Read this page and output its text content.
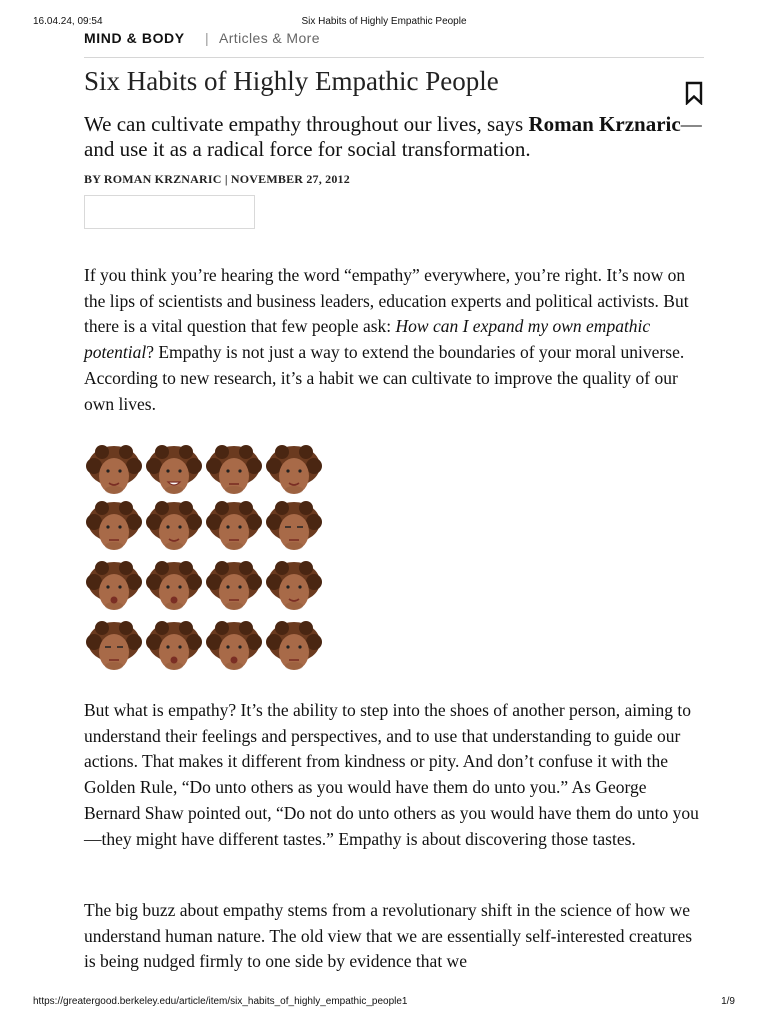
16.04.24, 09:54	Six Habits of Highly Empathic People
MIND & BODY | Articles & More
Six Habits of Highly Empathic People

We can cultivate empathy throughout our lives, says Roman Krznaric—and use it as a radical force for social transformation.

BY ROMAN KRZNARIC | NOVEMBER 27, 2012

If you think you’re hearing the word “empathy” everywhere, you’re right. It’s now on the lips of scientists and business leaders, education experts and political activists. But there is a vital question that few people ask: How can I expand my own empathic potential? Empathy is not just a way to extend the boundaries of your moral universe. According to new research, it’s a habit we can cultivate to improve the quality of our own lives.

But what is empathy? It’s the ability to step into the shoes of another person, aiming to understand their feelings and perspectives, and to use that understanding to guide our actions. That makes it different from kindness or pity. And don’t confuse it with the Golden Rule, “Do unto others as you would have them do unto you.” As George Bernard Shaw pointed out, “Do not do unto others as you would have them do unto you—they might have different tastes.” Empathy is about discovering those tastes.

The big buzz about empathy stems from a revolutionary shift in the science of how we understand human nature. The old view that we are essentially self-interested creatures is being nudged firmly to one side by evidence that we

https://greatergood.berkeley.edu/article/item/six_habits_of_highly_empathic_people1	1/9
